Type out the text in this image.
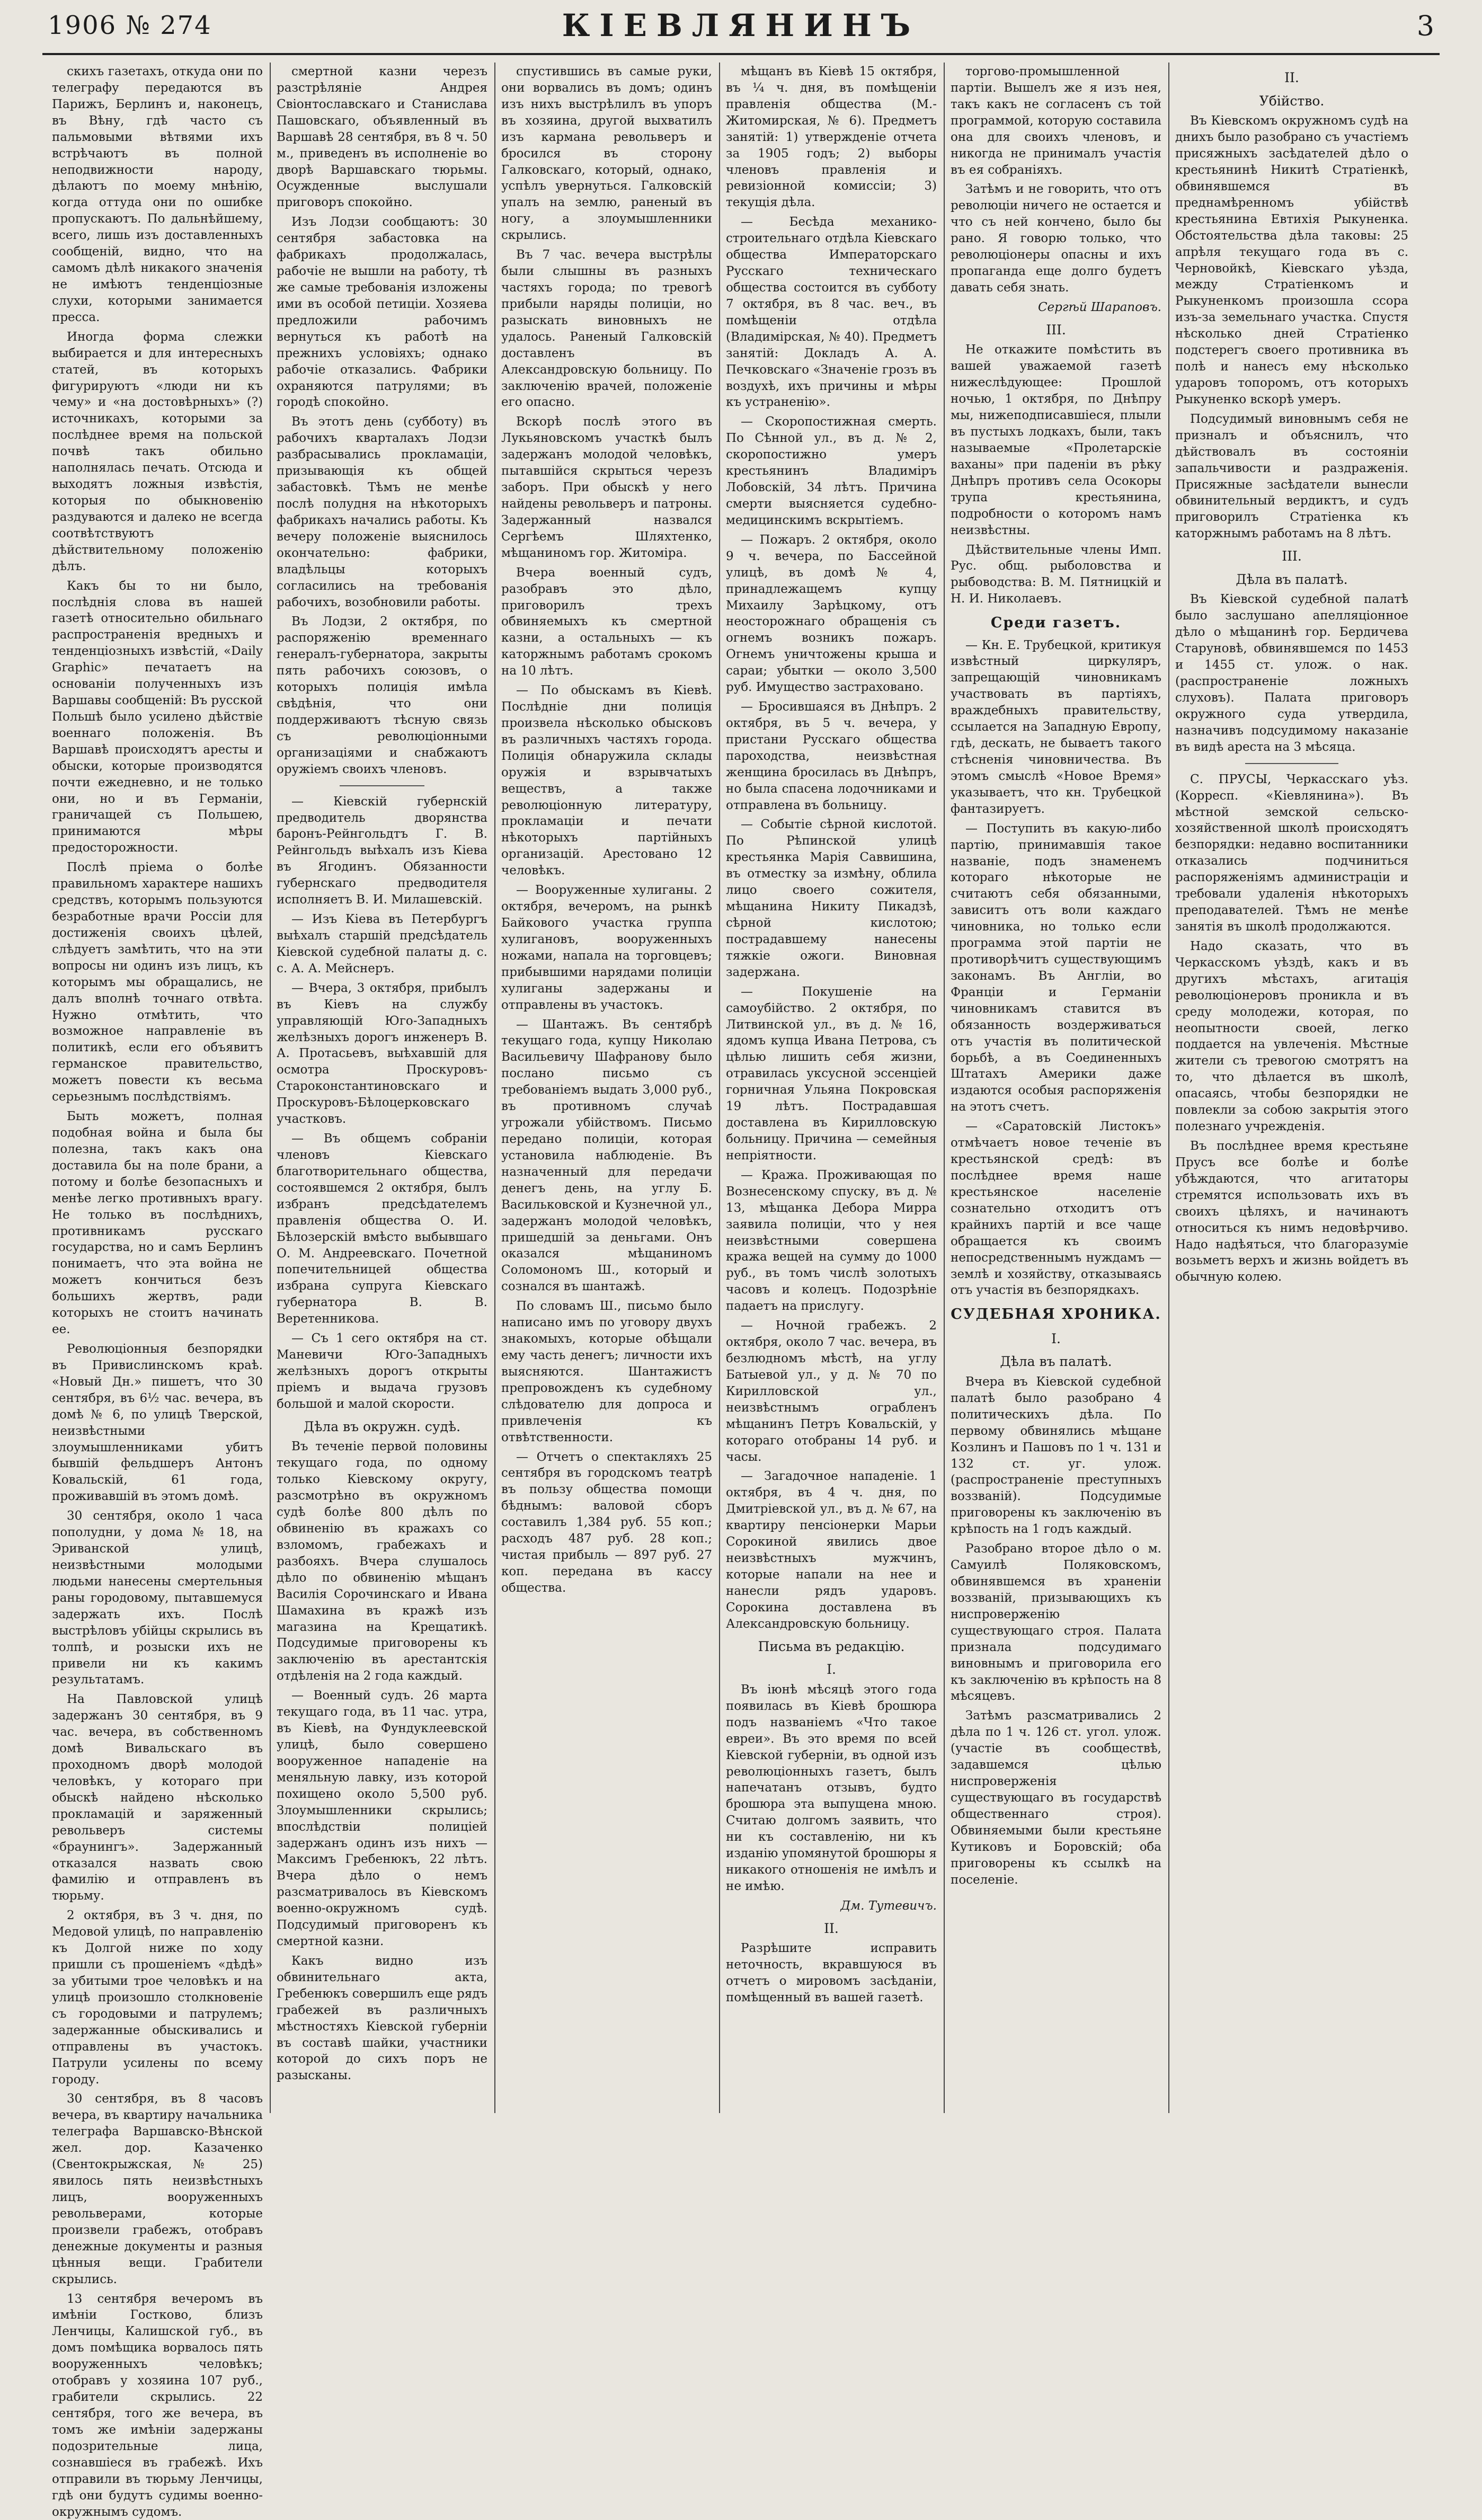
1906 № 274	КІЕВЛЯНИНЪ	3

скихъ газетахъ, откуда они по телеграфу передаются въ Парижъ, Берлинъ и, наконецъ, въ Вѣну, гдѣ часто съ пальмовыми вѣтвями ихъ встрѣчаютъ въ полной неподвижности народу, дѣлаютъ по моему мнѣнію, когда оттуда они по ошибке пропускаютъ. По дальнѣйшему, всего, лишь изъ доставленныхъ сообщеній, видно, что на самомъ дѣлѣ никакого значенія не имѣютъ тенденціозные слухи, которыми занимается пресса.

Иногда форма слежки выбирается и для интересныхъ статей, въ которыхъ фигурируютъ «люди ни къ чему» и «на достовѣрныхъ» (?) источникахъ, которыми за послѣднее время на польской почвѣ такъ обильно наполнялась печать. Отсюда и выходятъ ложныя извѣстія, которыя по обыкновенію раздуваются и далеко не всегда соотвѣтствуютъ дѣйствительному положенію дѣлъ.

Какъ бы то ни было, послѣднія слова въ нашей газетѣ относительно обильнаго распространенія вредныхъ и тенденціозныхъ извѣстій, «Daily Graphic» печатаетъ на основаніи полученныхъ изъ Варшавы сообщеній: Въ русской Польшѣ было усилено дѣйствіе военнаго положенія. Въ Варшавѣ происходятъ аресты и обыски, которые производятся почти ежедневно, и не только они, но и въ Германіи, граничащей съ Польшею, принимаются мѣры предосторожности.

Послѣ пріема о болѣе правильномъ характере нашихъ средствъ, которымъ пользуются безработные врачи Россіи для достиженія своихъ цѣлей, слѣдуетъ замѣтить, что на эти вопросы ни одинъ изъ лицъ, къ которымъ мы обращались, не далъ вполнѣ точнаго отвѣта. Нужно отмѣтить, что возможное направленіе въ политикѣ, если его объявитъ германское правительство, можетъ повести къ весьма серьезнымъ послѣдствіямъ.

Быть можетъ, полная подобная война и была бы полезна, такъ какъ она доставила бы на поле брани, а потому и болѣе безопасныхъ и менѣе легко противныхъ врагу. Не только въ послѣднихъ, противникамъ русскаго государства, но и самъ Берлинъ понимаетъ, что эта война не можетъ кончиться безъ большихъ жертвъ, ради которыхъ не стоитъ начинать ее.

Революціонныя безпорядки въ Привислинскомъ краѣ. «Новый Дн.» пишетъ, что 30 сентября, въ 6½ час. вечера, въ домѣ № 6, по улицѣ Тверской, неизвѣстными злоумышленниками убитъ бывшій фельдшеръ Антонъ Ковальскій, 61 года, проживавшій въ этомъ домѣ.

30 сентября, около 1 часа пополудни, у дома № 18, на Эриванской улицѣ, неизвѣстными молодыми людьми нанесены смертельныя раны городовому, пытавшемуся задержать ихъ. Послѣ выстрѣловъ убійцы скрылись въ толпѣ, и розыски ихъ не привели ни къ какимъ результатамъ.

На Павловской улицѣ задержанъ 30 сентября, въ 9 час. вечера, въ собственномъ домѣ Вивальскаго въ проходномъ дворѣ молодой человѣкъ, у котораго при обыскѣ найдено нѣсколько прокламацій и заряженный револьверъ системы «браунингъ». Задержанный отказался назвать свою фамилію и отправленъ въ тюрьму.

2 октября, въ 3 ч. дня, по Медовой улицѣ, по направленію къ Долгой ниже по ходу пришли съ прошеніемъ «дѣдѣ» за убитыми трое человѣкъ и на улицѣ произошло столкновеніе съ городовыми и патрулемъ; задержанные обыскивались и отправлены въ участокъ. Патрули усилены по всему городу.

30 сентября, въ 8 часовъ вечера, въ квартиру начальника телеграфа Варшавско-Вѣнской жел. дор. Казаченко (Свентокрыжская, № 25) явилось пять неизвѣстныхъ лицъ, вооруженныхъ револьверами, которые произвели грабежъ, отобравъ денежные документы и разныя цѣнныя вещи. Грабители скрылись.

13 сентября вечеромъ въ имѣніи Гостково, близъ Ленчицы, Калишской губ., въ домъ помѣщика ворвалось пять вооруженныхъ человѣкъ; отобравъ у хозяина 107 руб., грабители скрылись. 22 сентября, того же вечера, въ томъ же имѣніи задержаны подозрительные лица, сознавшіеся въ грабежѣ. Ихъ отправили въ тюрьму Ленчицы, гдѣ они будутъ судимы военно-окружнымъ судомъ.

смертной казни черезъ разстрѣляніе Андрея Свіонтославскаго и Станислава Пашовскаго, объявленный въ Варшавѣ 28 сентября, въ 8 ч. 50 м., приведенъ въ исполненіе во дворѣ Варшавскаго тюрьмы. Осужденные выслушали приговоръ спокойно.

Изъ Лодзи сообщаютъ: 30 сентября забастовка на фабрикахъ продолжалась, рабочіе не вышли на работу, тѣ же самые требованія изложены ими въ особой петиціи. Хозяева предложили рабочимъ вернуться къ работѣ на прежнихъ условіяхъ; однако рабочіе отказались. Фабрики охраняются патрулями; въ городѣ спокойно.

Въ этотъ день (субботу) въ рабочихъ кварталахъ Лодзи разбрасывались прокламаціи, призывающія къ общей забастовкѣ. Тѣмъ не менѣе послѣ полудня на нѣкоторыхъ фабрикахъ начались работы. Къ вечеру положеніе выяснилось окончательно: фабрики, владѣльцы которыхъ согласились на требованія рабочихъ, возобновили работы.

Въ Лодзи, 2 октября, по распоряженію временнаго генералъ-губернатора, закрыты пять рабочихъ союзовъ, о которыхъ полиція имѣла свѣдѣнія, что они поддерживаютъ тѣсную связь съ революціонными организаціями и снабжаютъ оружіемъ своихъ членовъ.

— Кіевскій губернскій предводитель дворянства баронъ-Рейнгольдтъ Г. В. Рейнгольдъ выѣхалъ изъ Кіева въ Ягодинъ. Обязанности губернскаго предводителя исполняетъ В. И. Милашевскій.

— Изъ Кіева въ Петербургъ выѣхалъ старшій предсѣдатель Кіевской судебной палаты д. с. с. А. А. Мейснеръ.

— Вчера, 3 октября, прибылъ въ Кіевъ на службу управляющій Юго-Западныхъ желѣзныхъ дорогъ инженеръ В. А. Протасьевъ, выѣхавшій для осмотра Проскуровъ-Староконстантиновскаго и Проскуровъ-Бѣлоцерковскаго участковъ.

— Въ общемъ собраніи членовъ Кіевскаго благотворительнаго общества, состоявшемся 2 октября, былъ избранъ предсѣдателемъ правленія общества О. И. Бѣлозерскій вмѣсто выбывшаго О. М. Андреевскаго. Почетной попечительницей общества избрана супруга Кіевскаго губернатора В. В. Веретенникова.

— Съ 1 сего октября на ст. Маневичи Юго-Западныхъ желѣзныхъ дорогъ открыты пріемъ и выдача грузовъ большой и малой скорости.

Дѣла въ окружн. судѣ.

Въ теченіе первой половины текущаго года, по одному только Кіевскому округу, разсмотрѣно въ окружномъ судѣ болѣе 800 дѣлъ по обвиненію въ кражахъ со взломомъ, грабежахъ и разбояхъ. Вчера слушалось дѣло по обвиненію мѣщанъ Василія Сорочинскаго и Ивана Шамахина въ кражѣ изъ магазина на Крещатикѣ. Подсудимые приговорены къ заключенію въ арестантскія отдѣленія на 2 года каждый.

— Военный судъ. 26 марта текущаго года, въ 11 час. утра, въ Кіевѣ, на Фундуклеевской улицѣ, было совершено вооруженное нападеніе на меняльную лавку, изъ которой похищено около 5,500 руб. Злоумышленники скрылись; впослѣдствіи полиціей задержанъ одинъ изъ нихъ — Максимъ Гребенюкъ, 22 лѣтъ. Вчера дѣло о немъ разсматривалось въ Кіевскомъ военно-окружномъ судѣ. Подсудимый приговоренъ къ смертной казни.

Какъ видно изъ обвинительнаго акта, Гребенюкъ совершилъ еще рядъ грабежей въ различныхъ мѣстностяхъ Кіевской губерніи въ составѣ шайки, участники которой до сихъ поръ не разысканы.

спустившись въ самые руки, они ворвались въ домъ; одинъ изъ нихъ выстрѣлилъ въ упоръ въ хозяина, другой выхватилъ изъ кармана револьверъ и бросился въ сторону Галковскаго, который, однако, успѣлъ увернуться. Галковскій упалъ на землю, раненый въ ногу, а злоумышленники скрылись.

Въ 7 час. вечера выстрѣлы были слышны въ разныхъ частяхъ города; по тревогѣ прибыли наряды полиціи, но разыскать виновныхъ не удалось. Раненый Галковскій доставленъ въ Александровскую больницу. По заключенію врачей, положеніе его опасно.

Вскорѣ послѣ этого въ Лукьяновскомъ участкѣ былъ задержанъ молодой человѣкъ, пытавшійся скрыться черезъ заборъ. При обыскѣ у него найдены револьверъ и патроны. Задержанный назвался Сергѣемъ Шляхтенко, мѣщаниномъ гор. Житоміра.

Вчера военный судъ, разобравъ это дѣло, приговорилъ трехъ обвиняемыхъ къ смертной казни, а остальныхъ — къ каторжнымъ работамъ срокомъ на 10 лѣтъ.

— По обыскамъ въ Кіевѣ. Послѣдніе дни полиція произвела нѣсколько обысковъ въ различныхъ частяхъ города. Полиція обнаружила склады оружія и взрывчатыхъ веществъ, а также революціонную литературу, прокламаціи и печати нѣкоторыхъ партійныхъ организацій. Арестовано 12 человѣкъ.

— Вооруженные хулиганы. 2 октября, вечеромъ, на рынкѣ Байкового участка группа хулигановъ, вооруженныхъ ножами, напала на торговцевъ; прибывшими нарядами полиціи хулиганы задержаны и отправлены въ участокъ.

— Шантажъ. Въ сентябрѣ текущаго года, купцу Николаю Васильевичу Шафранову было послано письмо съ требованіемъ выдать 3,000 руб., въ противномъ случаѣ угрожали убійствомъ. Письмо передано полиціи, которая установила наблюденіе. Въ назначенный для передачи денегъ день, на углу Б. Васильковской и Кузнечной ул., задержанъ молодой человѣкъ, пришедшій за деньгами. Онъ оказался мѣщаниномъ Соломономъ Ш., который и сознался въ шантажѣ.

По словамъ Ш., письмо было написано имъ по уговору двухъ знакомыхъ, которые обѣщали ему часть денегъ; личности ихъ выясняются. Шантажистъ препровожденъ къ судебному слѣдователю для допроса и привлеченія къ отвѣтственности.

— Отчетъ о спектакляхъ 25 сентября въ городскомъ театрѣ въ пользу общества помощи бѣднымъ: валовой сборъ составилъ 1,384 руб. 55 коп.; расходъ 487 руб. 28 коп.; чистая прибыль — 897 руб. 27 коп. передана въ кассу общества.

мѣщанъ въ Кіевѣ 15 октября, въ ¼ ч. дня, въ помѣщеніи правленія общества (М.-Житомирская, № 6). Предметъ занятій: 1) утвержденіе отчета за 1905 годъ; 2) выборы членовъ правленія и ревизіонной комиссіи; 3) текущія дѣла.

— Бесѣда механико-строительнаго отдѣла Кіевскаго общества Императорскаго Русскаго техническаго общества состоится въ субботу 7 октября, въ 8 час. веч., въ помѣщеніи отдѣла (Владимірская, № 40). Предметъ занятій: Докладъ А. А. Печковскаго «Значеніе грозъ въ воздухѣ, ихъ причины и мѣры къ устраненію».

— Скоропостижная смерть. По Сѣнной ул., въ д. № 2, скоропостижно умеръ крестьянинъ Владиміръ Лобовскій, 34 лѣтъ. Причина смерти выясняется судебно-медицинскимъ вскрытіемъ.

— Пожаръ. 2 октября, около 9 ч. вечера, по Бассейной улицѣ, въ домѣ № 4, принадлежащемъ купцу Михаилу Зарѣцкому, отъ неосторожнаго обращенія съ огнемъ возникъ пожаръ. Огнемъ уничтожены крыша и сараи; убытки — около 3,500 руб. Имущество застраховано.

— Бросившаяся въ Днѣпръ. 2 октября, въ 5 ч. вечера, у пристани Русскаго общества пароходства, неизвѣстная женщина бросилась въ Днѣпръ, но была спасена лодочниками и отправлена въ больницу.

— Событіе сѣрной кислотой. По Рѣпинской улицѣ крестьянка Марія Саввишина, въ отместку за измѣну, облила лицо своего сожителя, мѣщанина Никиту Пикадзѣ, сѣрной кислотою; пострадавшему нанесены тяжкіе ожоги. Виновная задержана.

— Покушеніе на самоубійство. 2 октября, по Литвинской ул., въ д. № 16, ядомъ купца Ивана Петрова, съ цѣлью лишить себя жизни, отравилась уксусной эссенціей горничная Ульяна Покровская 19 лѣтъ. Пострадавшая доставлена въ Кирилловскую больницу. Причина — семейныя непріятности.

— Кража. Проживающая по Вознесенскому спуску, въ д. № 13, мѣщанка Дебора Мирра заявила полиціи, что у нея неизвѣстными совершена кража вещей на сумму до 1000 руб., въ томъ числѣ золотыхъ часовъ и колецъ. Подозрѣніе падаетъ на прислугу.

— Ночной грабежъ. 2 октября, около 7 час. вечера, въ безлюдномъ мѣстѣ, на углу Батыевой ул., у д. № 70 по Кирилловской ул., неизвѣстнымъ ограбленъ мѣщанинъ Петръ Ковальскій, у котораго отобраны 14 руб. и часы.

— Загадочное нападеніе. 1 октября, въ 4 ч. дня, по Дмитріевской ул., въ д. № 67, на квартиру пенсіонерки Марьи Сорокиной явились двое неизвѣстныхъ мужчинъ, которые напали на нее и нанесли рядъ ударовъ. Сорокина доставлена въ Александровскую больницу.

Письма въ редакцію.

I.

Въ іюнѣ мѣсяцѣ этого года появилась въ Кіевѣ брошюра подъ названіемъ «Что такое евреи». Въ это время по всей Кіевской губерніи, въ одной изъ революціонныхъ газетъ, былъ напечатанъ отзывъ, будто брошюра эта выпущена мною. Считаю долгомъ заявить, что ни къ составленію, ни къ изданію упомянутой брошюры я никакого отношенія не имѣлъ и не имѣю.

Дм. Тутевичъ.

II.

Разрѣшите исправить неточность, вкравшуюся въ отчетъ о мировомъ засѣданіи, помѣщенный въ вашей газетѣ.

торгово-промышленной партіи. Вышелъ же я изъ нея, такъ какъ не согласенъ съ той программой, которую составила она для своихъ членовъ, и никогда не принималъ участія въ ея собраніяхъ.

Затѣмъ и не говорить, что отъ революціи ничего не остается и что съ ней кончено, было бы рано. Я говорю только, что революціонеры опасны и ихъ пропаганда еще долго будетъ давать себя знать.

Сергѣй Шараповъ.

III.

Не откажите помѣстить въ вашей уважаемой газетѣ нижеслѣдующее: Прошлой ночью, 1 октября, по Днѣпру мы, нижеподписавшіеся, плыли въ пустыхъ лодкахъ, были, такъ называемые «Пролетарскіе ваханы» при паденіи въ рѣку Днѣпръ противъ села Осокоры трупа крестьянина, подробности о которомъ намъ неизвѣстны.

Дѣйствительные члены Имп. Рус. общ. рыболовства и рыбоводства: В. М. Пятницкій и Н. И. Николаевъ.

Среди газетъ.

— Кн. Е. Трубецкой, критикуя извѣстный циркуляръ, запрещающій чиновникамъ участвовать въ партіяхъ, враждебныхъ правительству, ссылается на Западную Европу, гдѣ, дескать, не бываетъ такого стѣсненія чиновничества. Въ этомъ смыслѣ «Новое Время» указываетъ, что кн. Трубецкой фантазируетъ.

— Поступить въ какую-либо партію, принимавшія такое названіе, подъ знаменемъ котораго нѣкоторые не считаютъ себя обязанными, зависитъ отъ воли каждаго чиновника, но только если программа этой партіи не противорѣчитъ существующимъ законамъ. Въ Англіи, во Франціи и Германіи чиновникамъ ставится въ обязанность воздерживаться отъ участія въ политической борьбѣ, а въ Соединенныхъ Штатахъ Америки даже издаются особыя распоряженія на этотъ счетъ.

— «Саратовскій Листокъ» отмѣчаетъ новое теченіе въ крестьянской средѣ: въ послѣднее время наше крестьянское населеніе сознательно отходитъ отъ крайнихъ партій и все чаще обращается къ своимъ непосредственнымъ нуждамъ — землѣ и хозяйству, отказываясь отъ участія въ безпорядкахъ.

СУДЕБНАЯ ХРОНИКА.

I.

Дѣла въ палатѣ.

Вчера въ Кіевской судебной палатѣ было разобрано 4 политическихъ дѣла. По первому обвинялись мѣщане Козлинъ и Пашовъ по 1 ч. 131 и 132 ст. уг. улож. (распространеніе преступныхъ воззваній). Подсудимые приговорены къ заключенію въ крѣпость на 1 годъ каждый.

Разобрано второе дѣло о м. Самуилѣ Поляковскомъ, обвинявшемся въ храненіи воззваній, призывающихъ къ ниспроверженію существующаго строя. Палата признала подсудимаго виновнымъ и приговорила его къ заключенію въ крѣпость на 8 мѣсяцевъ.

Затѣмъ разсматривались 2 дѣла по 1 ч. 126 ст. угол. улож. (участіе въ сообществѣ, задавшемся цѣлью ниспроверженія существующаго въ государствѣ общественнаго строя). Обвиняемыми были крестьяне Кутиковъ и Боровскій; оба приговорены къ ссылкѣ на поселеніе.

II.

Убійство.

Въ Кіевскомъ окружномъ судѣ на днихъ было разобрано съ участіемъ присяжныхъ засѣдателей дѣло о крестьянинѣ Никитѣ Стратіенкѣ, обвинявшемся въ преднамѣренномъ убійствѣ крестьянина Евтихія Рыкуненка. Обстоятельства дѣла таковы: 25 апрѣля текущаго года въ с. Черновойкѣ, Кіевскаго уѣзда, между Стратіенкомъ и Рыкуненкомъ произошла ссора изъ-за земельнаго участка. Спустя нѣсколько дней Стратіенко подстерегъ своего противника въ полѣ и нанесъ ему нѣсколько ударовъ топоромъ, отъ которыхъ Рыкуненко вскорѣ умеръ.

Подсудимый виновнымъ себя не призналъ и объяснилъ, что дѣйствовалъ въ состояніи запальчивости и раздраженія. Присяжные засѣдатели вынесли обвинительный вердиктъ, и судъ приговорилъ Стратіенка къ каторжнымъ работамъ на 8 лѣтъ.

III.

Дѣла въ палатѣ.

Въ Кіевской судебной палатѣ было заслушано апелляціонное дѣло о мѣщанинѣ гор. Бердичева Старуновѣ, обвинявшемся по 1453 и 1455 ст. улож. о нак. (распространеніе ложныхъ слуховъ). Палата приговоръ окружного суда утвердила, назначивъ подсудимому наказаніе въ видѣ ареста на 3 мѣсяца.

С. ПРУСЫ, Черкасскаго уѣз. (Корресп. «Кіевлянина»). Въ мѣстной земской сельско-хозяйственной школѣ происходятъ безпорядки: недавно воспитанники отказались подчиниться распоряженіямъ администраціи и требовали удаленія нѣкоторыхъ преподавателей. Тѣмъ не менѣе занятія въ школѣ продолжаются.

Надо сказать, что въ Черкасскомъ уѣздѣ, какъ и въ другихъ мѣстахъ, агитація революціонеровъ проникла и въ среду молодежи, которая, по неопытности своей, легко поддается на увлеченія. Мѣстные жители съ тревогою смотрятъ на то, что дѣлается въ школѣ, опасаясь, чтобы безпорядки не повлекли за собою закрытія этого полезнаго учрежденія.

Въ послѣднее время крестьяне Прусъ все болѣе и болѣе убѣждаются, что агитаторы стремятся использовать ихъ въ своихъ цѣляхъ, и начинаютъ относиться къ нимъ недовѣрчиво. Надо надѣяться, что благоразуміе возьметъ верхъ и жизнь войдетъ въ обычную колею.
